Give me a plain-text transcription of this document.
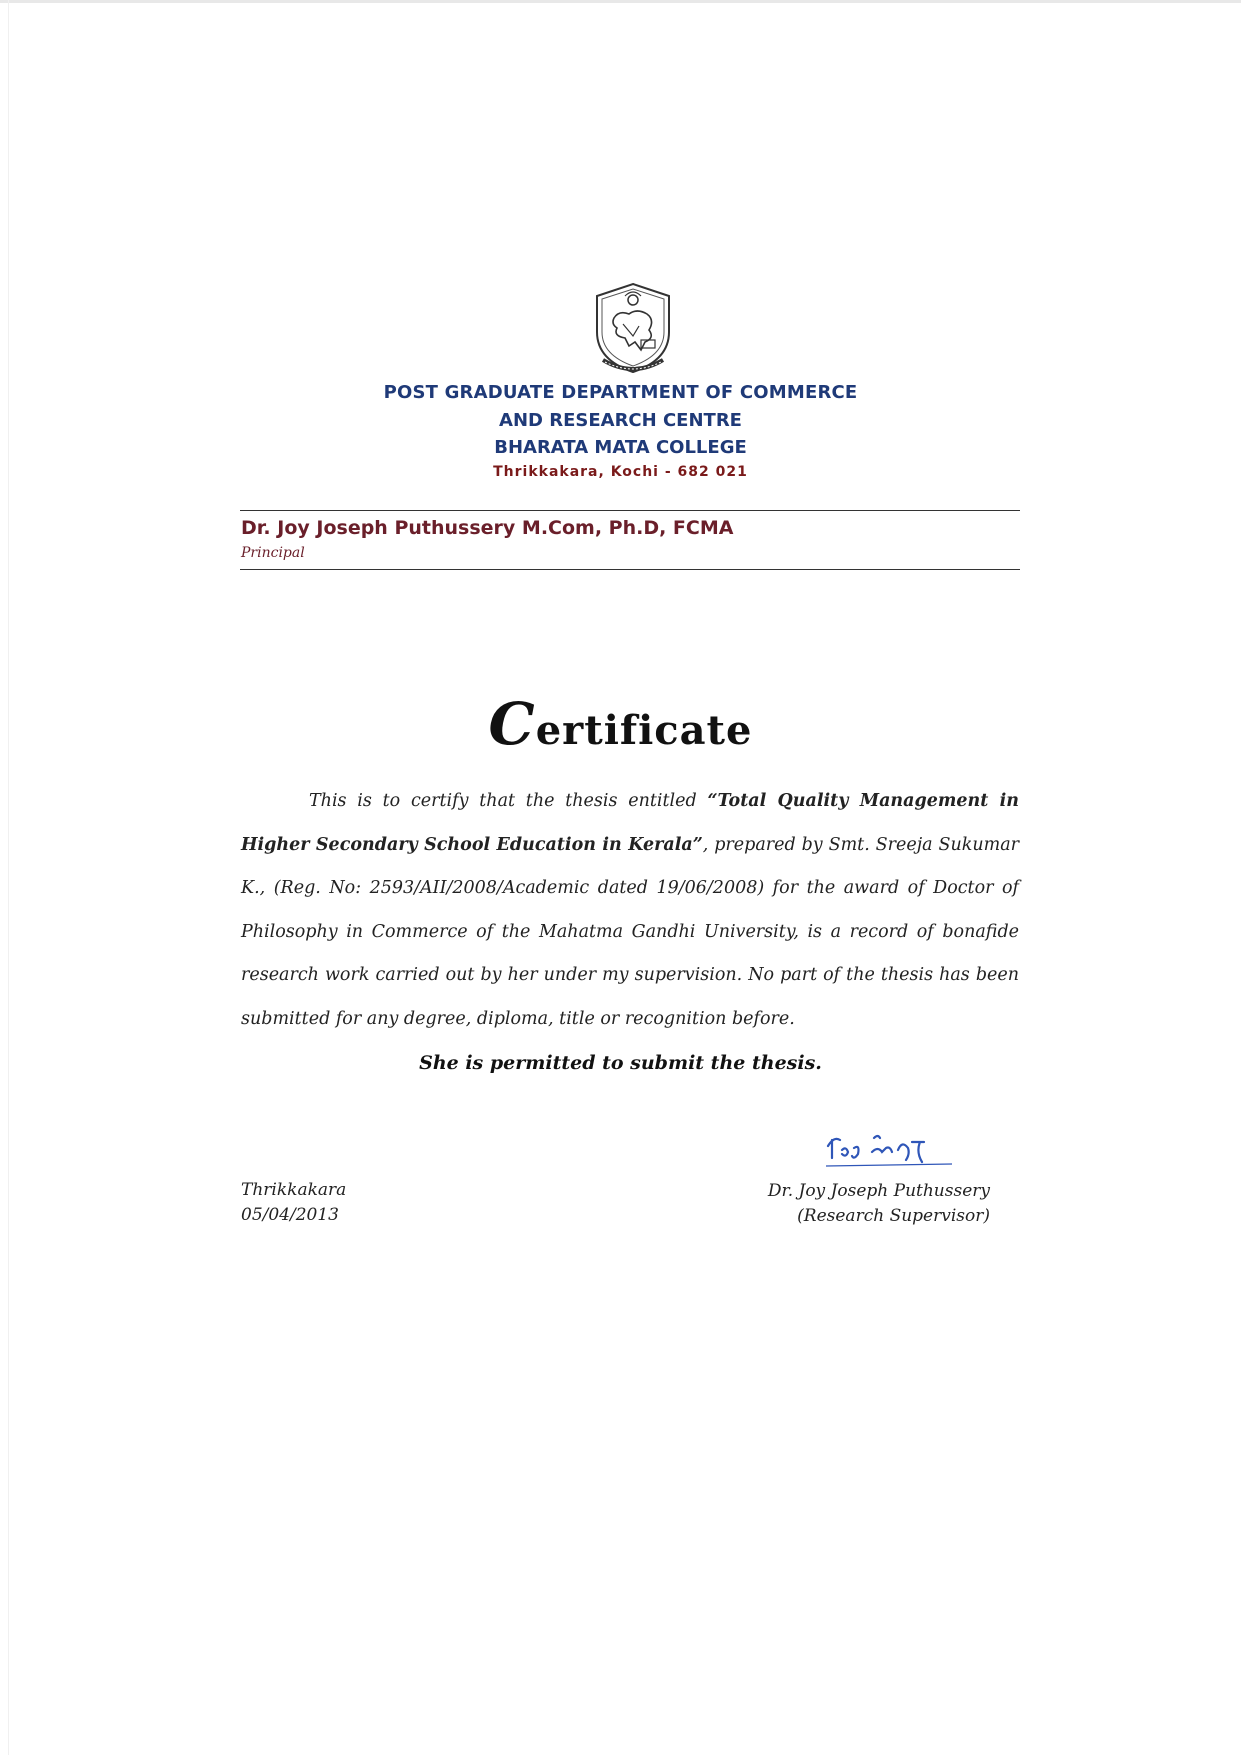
POST GRADUATE DEPARTMENT OF COMMERCE
AND RESEARCH CENTRE
BHARATA MATA COLLEGE
Thrikkakara, Kochi - 682 021
Dr. Joy Joseph Puthussery M.Com, Ph.D, FCMA
Principal
Certificate
This is to certify that the thesis entitled “Total Quality Management in Higher Secondary School Education in Kerala”, prepared by Smt. Sreeja Sukumar K., (Reg. No: 2593/AII/2008/Academic dated 19/06/2008) for the award of Doctor of Philosophy in Commerce of the Mahatma Gandhi University, is a record of bonafide research work carried out by her under my supervision. No part of the thesis has been submitted for any degree, diploma, title or recognition before.
She is permitted to submit the thesis.
Thrikkakara
05/04/2013
Dr. Joy Joseph Puthussery
(Research Supervisor)
